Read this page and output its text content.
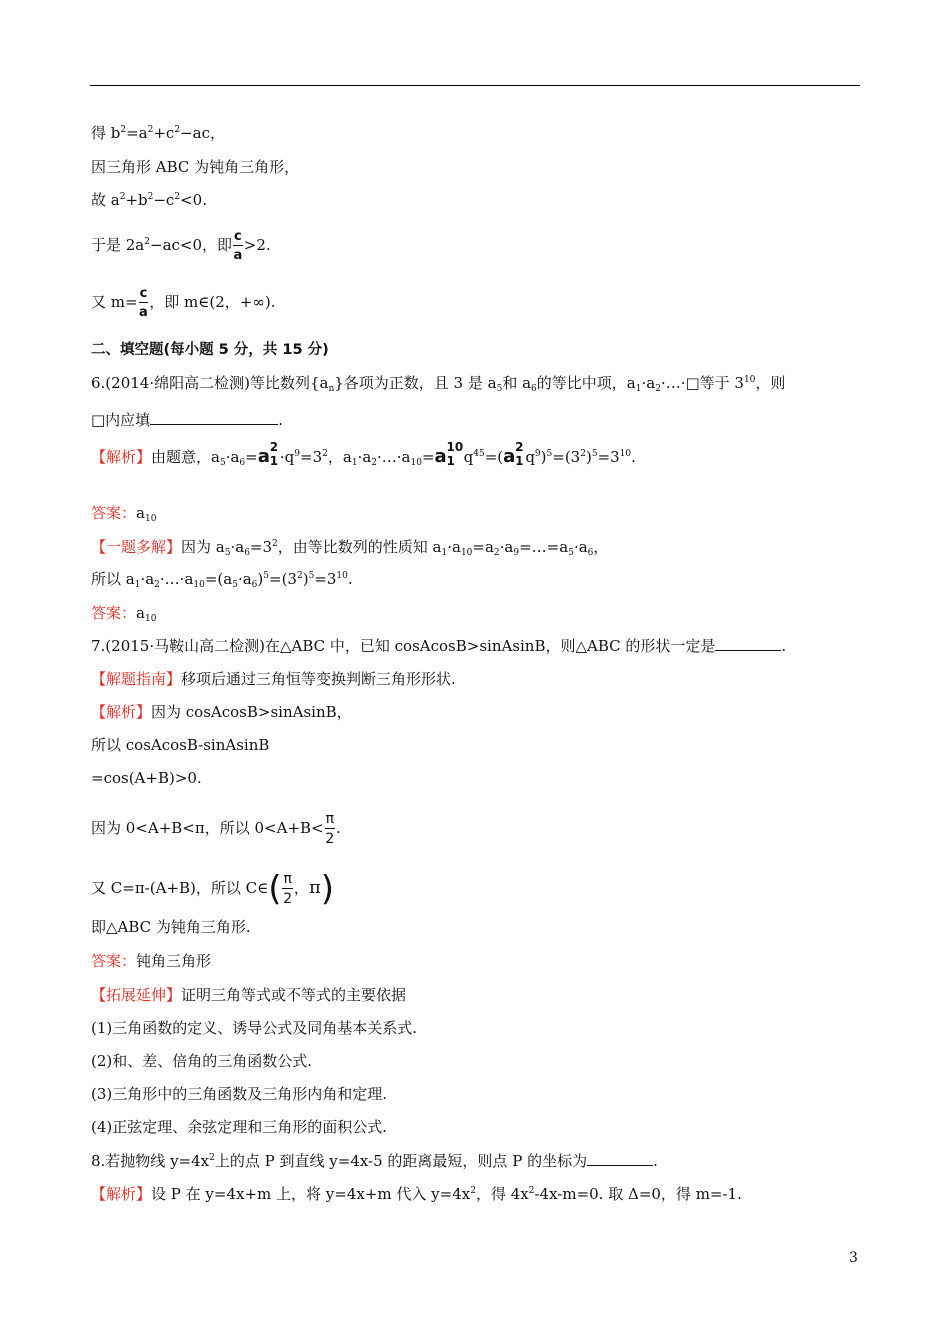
得 $b^2=a^2+c^2-ac$，
因三角形 ABC 为钝角三角形，
故 $a^2+b^2-c^2<0$.
于是 $2a^2-ac<0$，即 $\frac{c}{a} >2$.
又 $m= \frac{c}{a}$ ，即 m∈(2，+∞).
二、填空题(每小题 5 分，共 15 分)
6.(2014·绵阳高二检测)等比数列$\{a_n\}$各项为正数，且 3 是 $a_5$和 $a_6$的等比中项，$a_1\cdot a_2\cdot\dots\cdot□$等于 $3^{10}$，则
□内应填	.
【解析】由题意，$a_5\cdot a_6=a$ 2
$1 \cdot q^9=3^2$，$a_1\cdot a_2\cdot\dots\cdot a_{10}=a$ 10
1 $q^{45}=(a$ 2
1 $q^9)^5=(3^2)^5=3^{10}$.
答案：$a_{10}$
【一题多解】因为 $a_5\cdot a_6=3^2$，由等比数列的性质知 $a_1\cdot a_{10}=a_2\cdot a_9=\dots=a_5\cdot a_6$，
所以 $a_1\cdot a_2\cdot\dots\cdot a_{10}=(a_5\cdot a_6)^5=(3^2)^5=3^{10}$.
答案：$a_{10}$
7.(2015·马鞍山高二检测)在△ABC 中，已知 cosAcosB>sinAsinB，则△ABC 的形状一定是	.
【解题指南】移项后通过三角恒等变换判断三角形形状.
【解析】因为 cosAcosB>sinAsinB，
所以 cosAcosB-sinAsinB
=cos(A+B)>0.
因为 0<A+B<π，所以 $0<A+B< \frac{\pi}{2}$ .
又 C=π-(A+B)，所以 C∈( $\frac{\pi}{2}$ ，π)
即△ABC 为钝角三角形.
答案：钝角三角形
【拓展延伸】证明三角等式或不等式的主要依据
(1)三角函数的定义、诱导公式及同角基本关系式.
(2)和、差、倍角的三角函数公式.
(3)三角形中的三角函数及三角形内角和定理.
(4)正弦定理、余弦定理和三角形的面积公式.
8.若抛物线 $y=4x^2$上的点 P 到直线 y=4x-5 的距离最短，则点 P 的坐标为	.
【解析】设 P 在 y=4x+m 上，将 y=4x+m 代入 $y=4x^2$，得 $4x^2-4x-m=0$. 取 Δ=0，得 m=-1.
3
